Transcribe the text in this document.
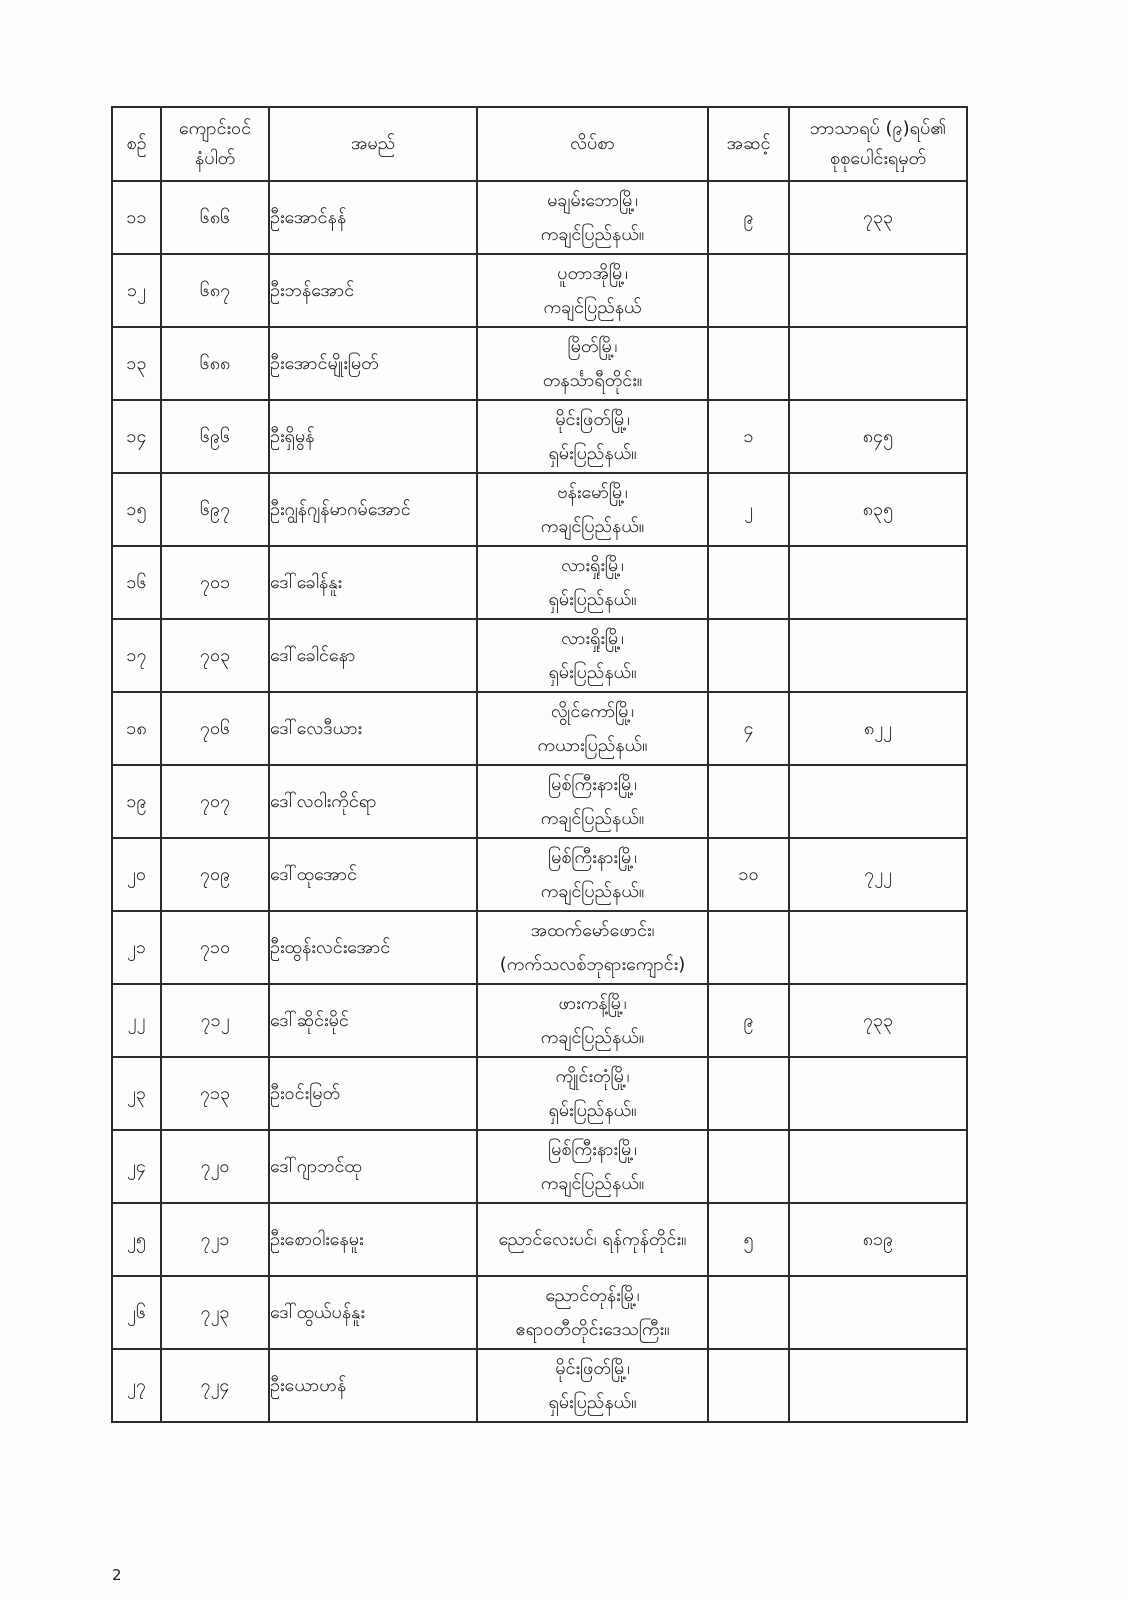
စဉ်	ကျောင်းဝင်
နံပါတ်	အမည်	လိပ်စာ	အဆင့်	ဘာသာရပ် (၉)ရပ်၏
စုစုပေါင်းရမှတ်

၁၁	၆၈၆	ဦးအောင်နန်	မချမ်းဘောမြို့၊
ကချင်ပြည်နယ်။	၉	၇၃၃
၁၂	၆၈၇	ဦးဘန်အောင်	ပူတာအိုမြို့၊
ကချင်ပြည်နယ်		

၁၃	၆၈၈	ဦးအောင်မျိုးမြတ်	မြိတ်မြို့၊
တနင်္သာရီတိုင်း။		

၁၄	၆၉၆	ဦးရှိမွန်	မိုင်းဖြတ်မြို့၊
ရှမ်းပြည်နယ်။	၁	၈၄၅
၁၅	၆၉၇	ဦးဂျွန်ဂျန်မာဂမ်အောင်	ဗန်းမော်မြို့၊
ကချင်ပြည်နယ်။	၂	၈၃၅
၁၆	၇၀၁	ဒေါ်ခေါန်နူး	လားရှိုးမြို့၊
ရှမ်းပြည်နယ်။		

၁၇	၇၀၃	ဒေါ်ခေါင်နော	လားရှိုးမြို့၊
ရှမ်းပြည်နယ်။		

၁၈	၇၀၆	ဒေါ်လေဒီယား	လွိုင်ကော်မြို့၊
ကယားပြည်နယ်။	၄	၈၂၂
၁၉	၇၀၇	ဒေါ်လဝါးကိုင်ရာ	မြစ်ကြီးနားမြို့၊
ကချင်ပြည်နယ်။		

၂၀	၇၀၉	ဒေါ်ထုအောင်	မြစ်ကြီးနားမြို့၊
ကချင်ပြည်နယ်။	၁၀	၇၂၂
၂၁	၇၁၀	ဦးထွန်းလင်းအောင်	အထက်မော်ဖောင်း၊
(ကက်သလစ်ဘုရားကျောင်း)		

၂၂	၇၁၂	ဒေါ်ဆိုင်းမိုင်	ဖားကန့်မြို့၊
ကချင်ပြည်နယ်။	၉	၇၃၃
၂၃	၇၁၃	ဦးဝင်းမြတ်	ကျိုင်းတုံမြို့၊
ရှမ်းပြည်နယ်။		

၂၄	၇၂၀	ဒေါ်ဂျာဘင်ထု	မြစ်ကြီးနားမြို့၊
ကချင်ပြည်နယ်။		

၂၅	၇၂၁	ဦးစောဝါးနေမူး	ညောင်လေးပင်၊ ရန်ကုန်တိုင်း။	၅	၈၁၉
၂၆	၇၂၃	ဒေါ်ထွယ်ပန်နူး	ညောင်တုန်းမြို့၊
ဧရာဝတီတိုင်းဒေသကြီး။		

၂၇	၇၂၄	ဦးယောဟန်	မိုင်းဖြတ်မြို့၊
ရှမ်းပြည်နယ်။		

2
